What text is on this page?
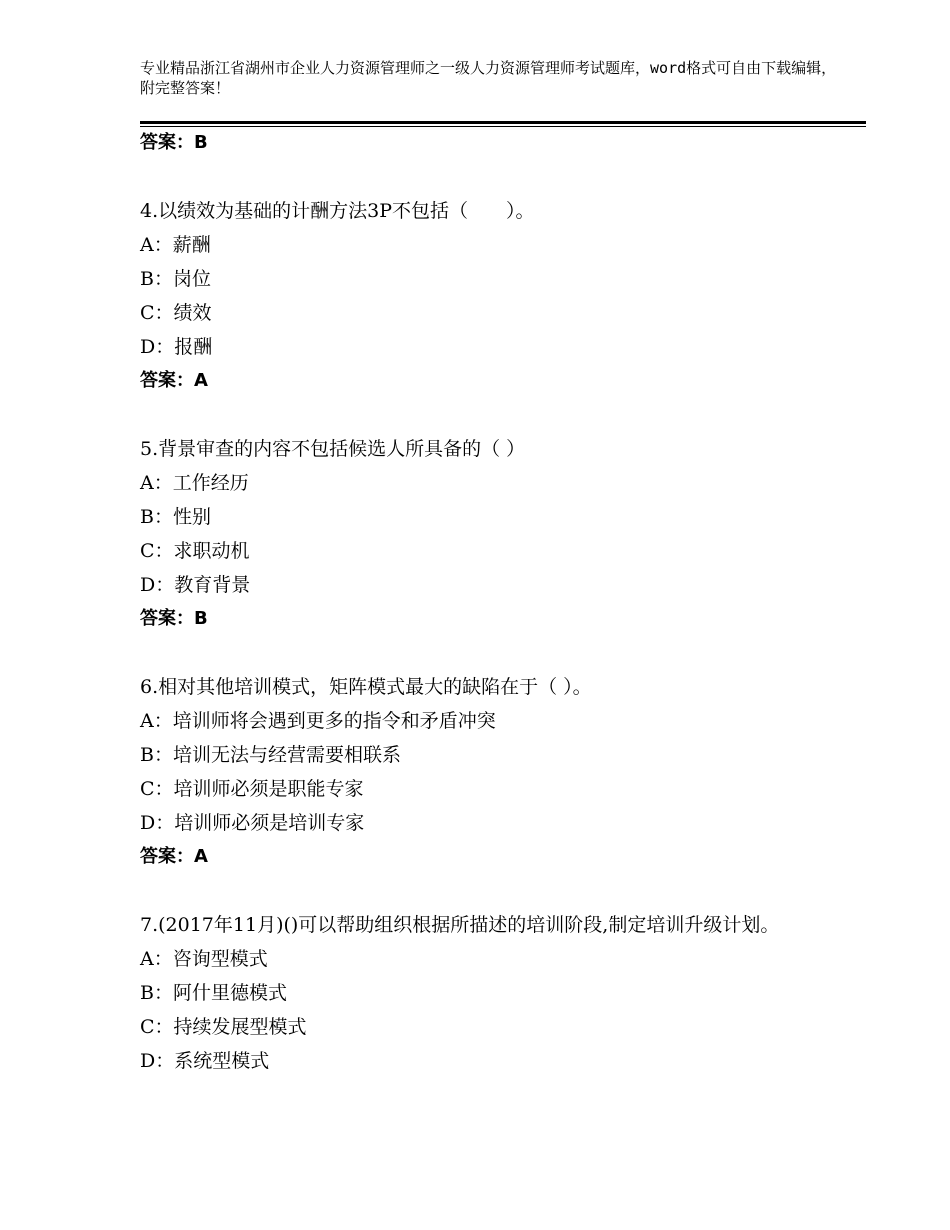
专业精品浙江省湖州市企业人力资源管理师之一级人力资源管理师考试题库，word格式可自由下载编辑，附完整答案！
答案：B
4.以绩效为基础的计酬方法3P不包括（　　）。
A：薪酬
B：岗位
C：绩效
D：报酬
答案：A
5.背景审查的内容不包括候选人所具备的（ ）
A：工作经历
B：性别
C：求职动机
D：教育背景
答案：B
6.相对其他培训模式，矩阵模式最大的缺陷在于（ ）。
A：培训师将会遇到更多的指令和矛盾冲突
B：培训无法与经营需要相联系
C：培训师必须是职能专家
D：培训师必须是培训专家
答案：A
7.(2017年11月)()可以帮助组织根据所描述的培训阶段,制定培训升级计划。
A：咨询型模式
B：阿什里德模式
C：持续发展型模式
D：系统型模式
